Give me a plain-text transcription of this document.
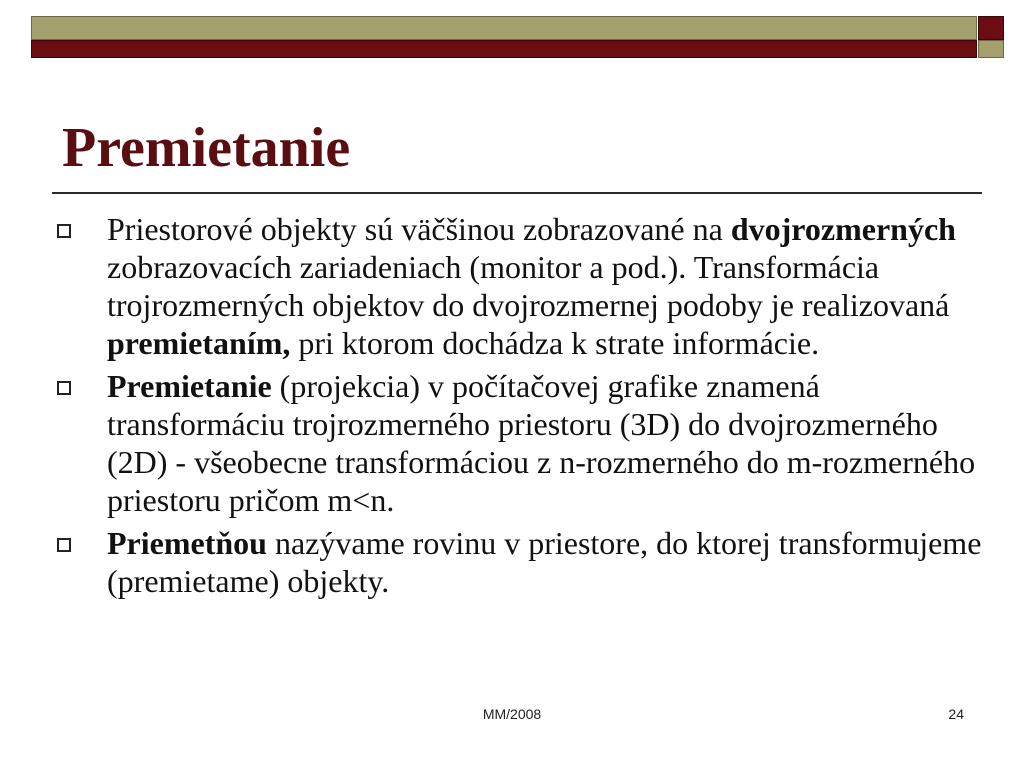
Premietanie
Priestorové objekty sú väčšinou zobrazované na dvojrozmerných zobrazovacích zariadeniach (monitor a pod.). Transformácia trojrozmerných objektov do dvojrozmernej podoby je realizovaná premietaním, pri ktorom dochádza k strate informácie.
Premietanie (projekcia) v počítačovej grafike znamená transformáciu trojrozmerného priestoru (3D) do dvojrozmerného (2D) - všeobecne transformáciou z n-rozmerného do m-rozmerného priestoru pričom m<n.
Priemetňou nazývame rovinu v priestore, do ktorej transformujeme (premietame) objekty.
MM/2008	24
